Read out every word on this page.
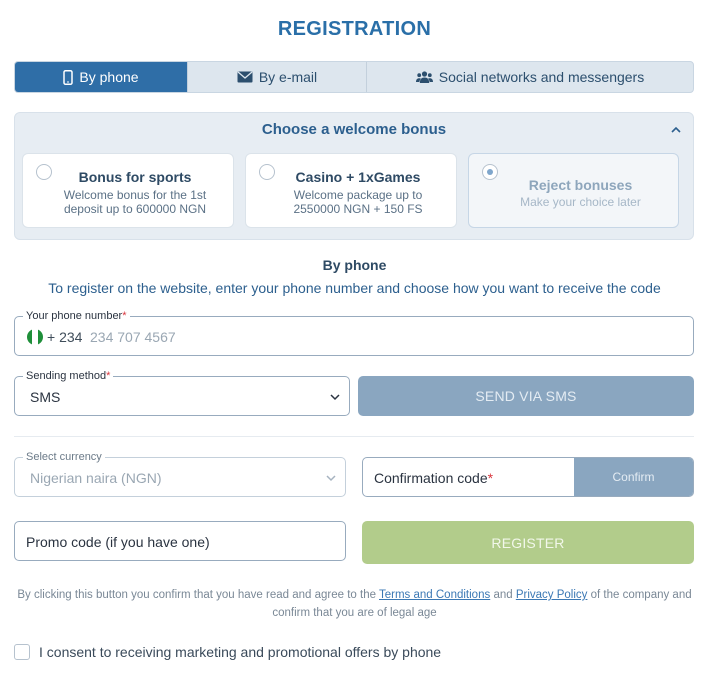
REGISTRATION
By phone	By e-mail	Social networks and messengers
Choose a welcome bonus
Bonus for sports
Welcome bonus for the 1st deposit up to 600000 NGN
Casino + 1xGames
Welcome package up to 2550000 NGN + 150 FS
Reject bonuses
Make your choice later
By phone
To register on the website, enter your phone number and choose how you want to receive the code
Your phone number*
+ 234
234 707 4567
Sending method*
SMS	SEND VIA SMS
Select currency
Nigerian naira (NGN)	Confirmation code*	Confirm
Promo code (if you have one)
REGISTER
By clicking this button you confirm that you have read and agree to the Terms and Conditions and Privacy Policy of the company and confirm that you are of legal age
I consent to receiving marketing and promotional offers by phone
